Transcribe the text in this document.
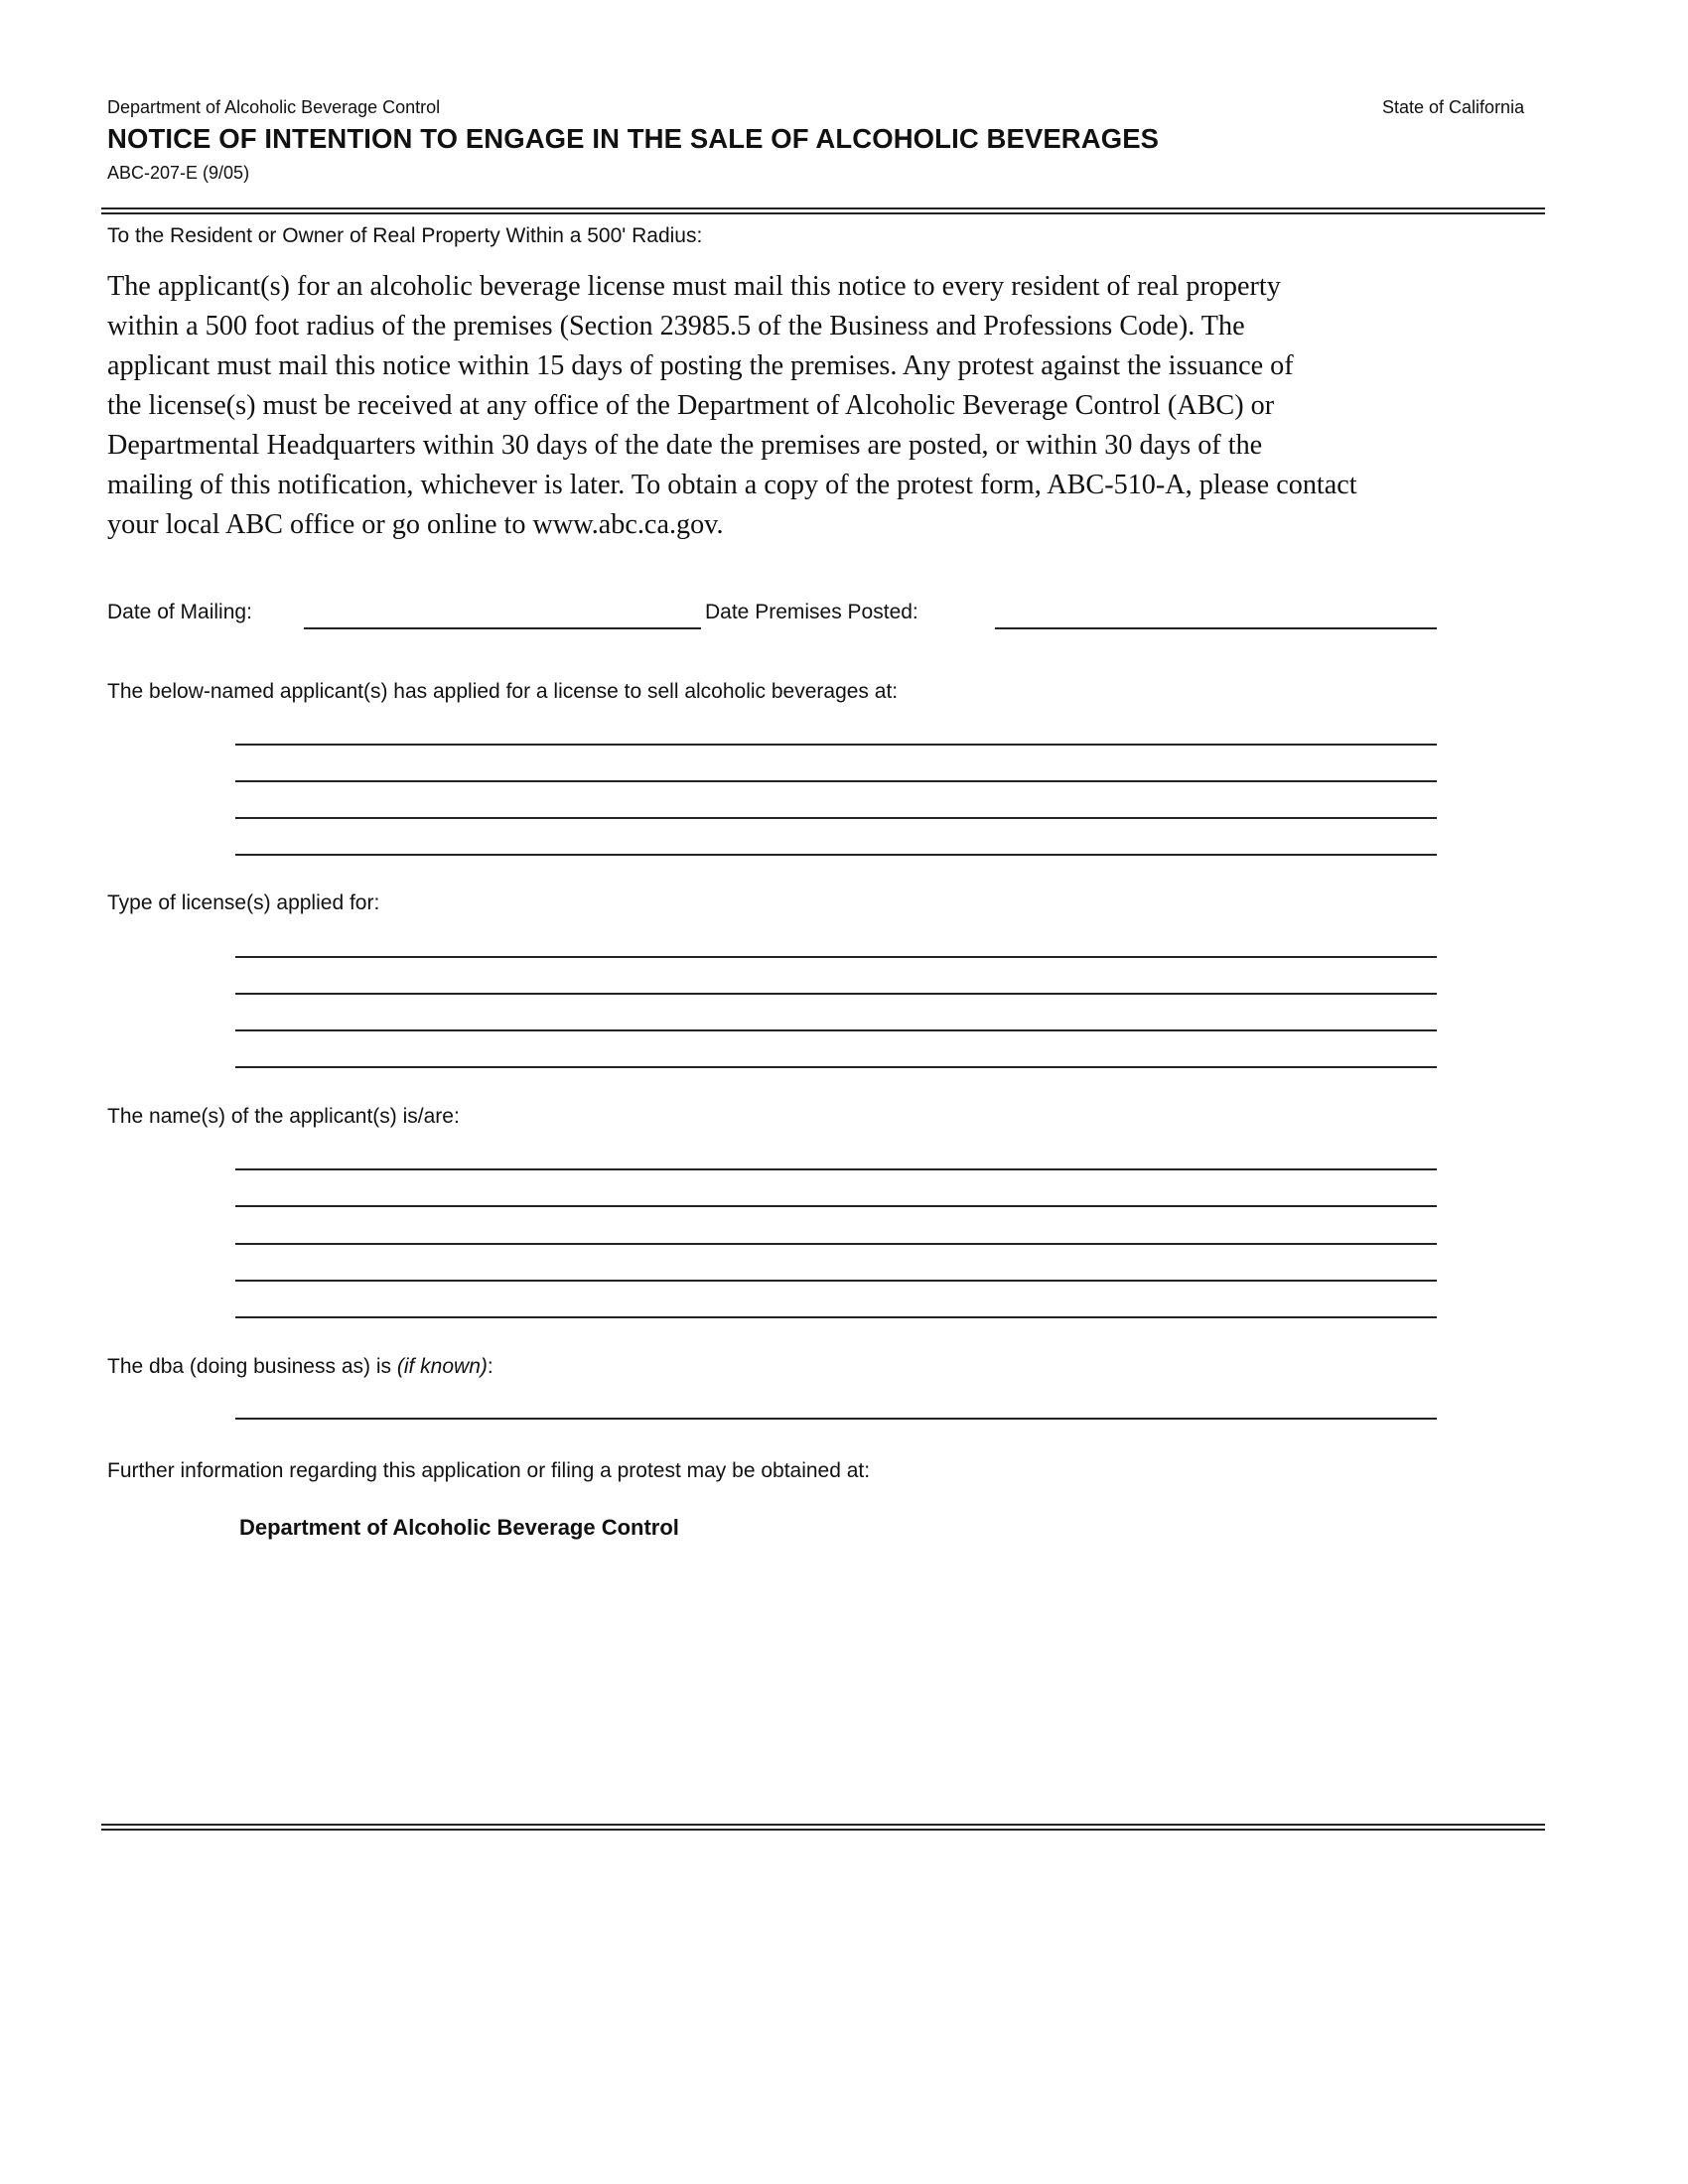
Department of Alcoholic Beverage Control	State of California
NOTICE OF INTENTION TO ENGAGE IN THE SALE OF ALCOHOLIC BEVERAGES
ABC-207-E (9/05)
To the Resident or Owner of Real Property Within a 500' Radius:
The applicant(s) for an alcoholic beverage license must mail this notice to every resident of real property
within a 500 foot radius of the premises (Section 23985.5 of the Business and Professions Code). The
applicant must mail this notice within 15 days of posting the premises. Any protest against the issuance of
the license(s) must be received at any office of the Department of Alcoholic Beverage Control (ABC) or
Departmental Headquarters within 30 days of the date the premises are posted, or within 30 days of the
mailing of this notification, whichever is later. To obtain a copy of the protest form, ABC-510-A, please contact
your local ABC office or go online to www.abc.ca.gov.
Date of Mailing:	Date Premises Posted:
The below-named applicant(s) has applied for a license to sell alcoholic beverages at:
Type of license(s) applied for:
The name(s) of the applicant(s) is/are:
The dba (doing business as) is (if known):
Further information regarding this application or filing a protest may be obtained at:
Department of Alcoholic Beverage Control
